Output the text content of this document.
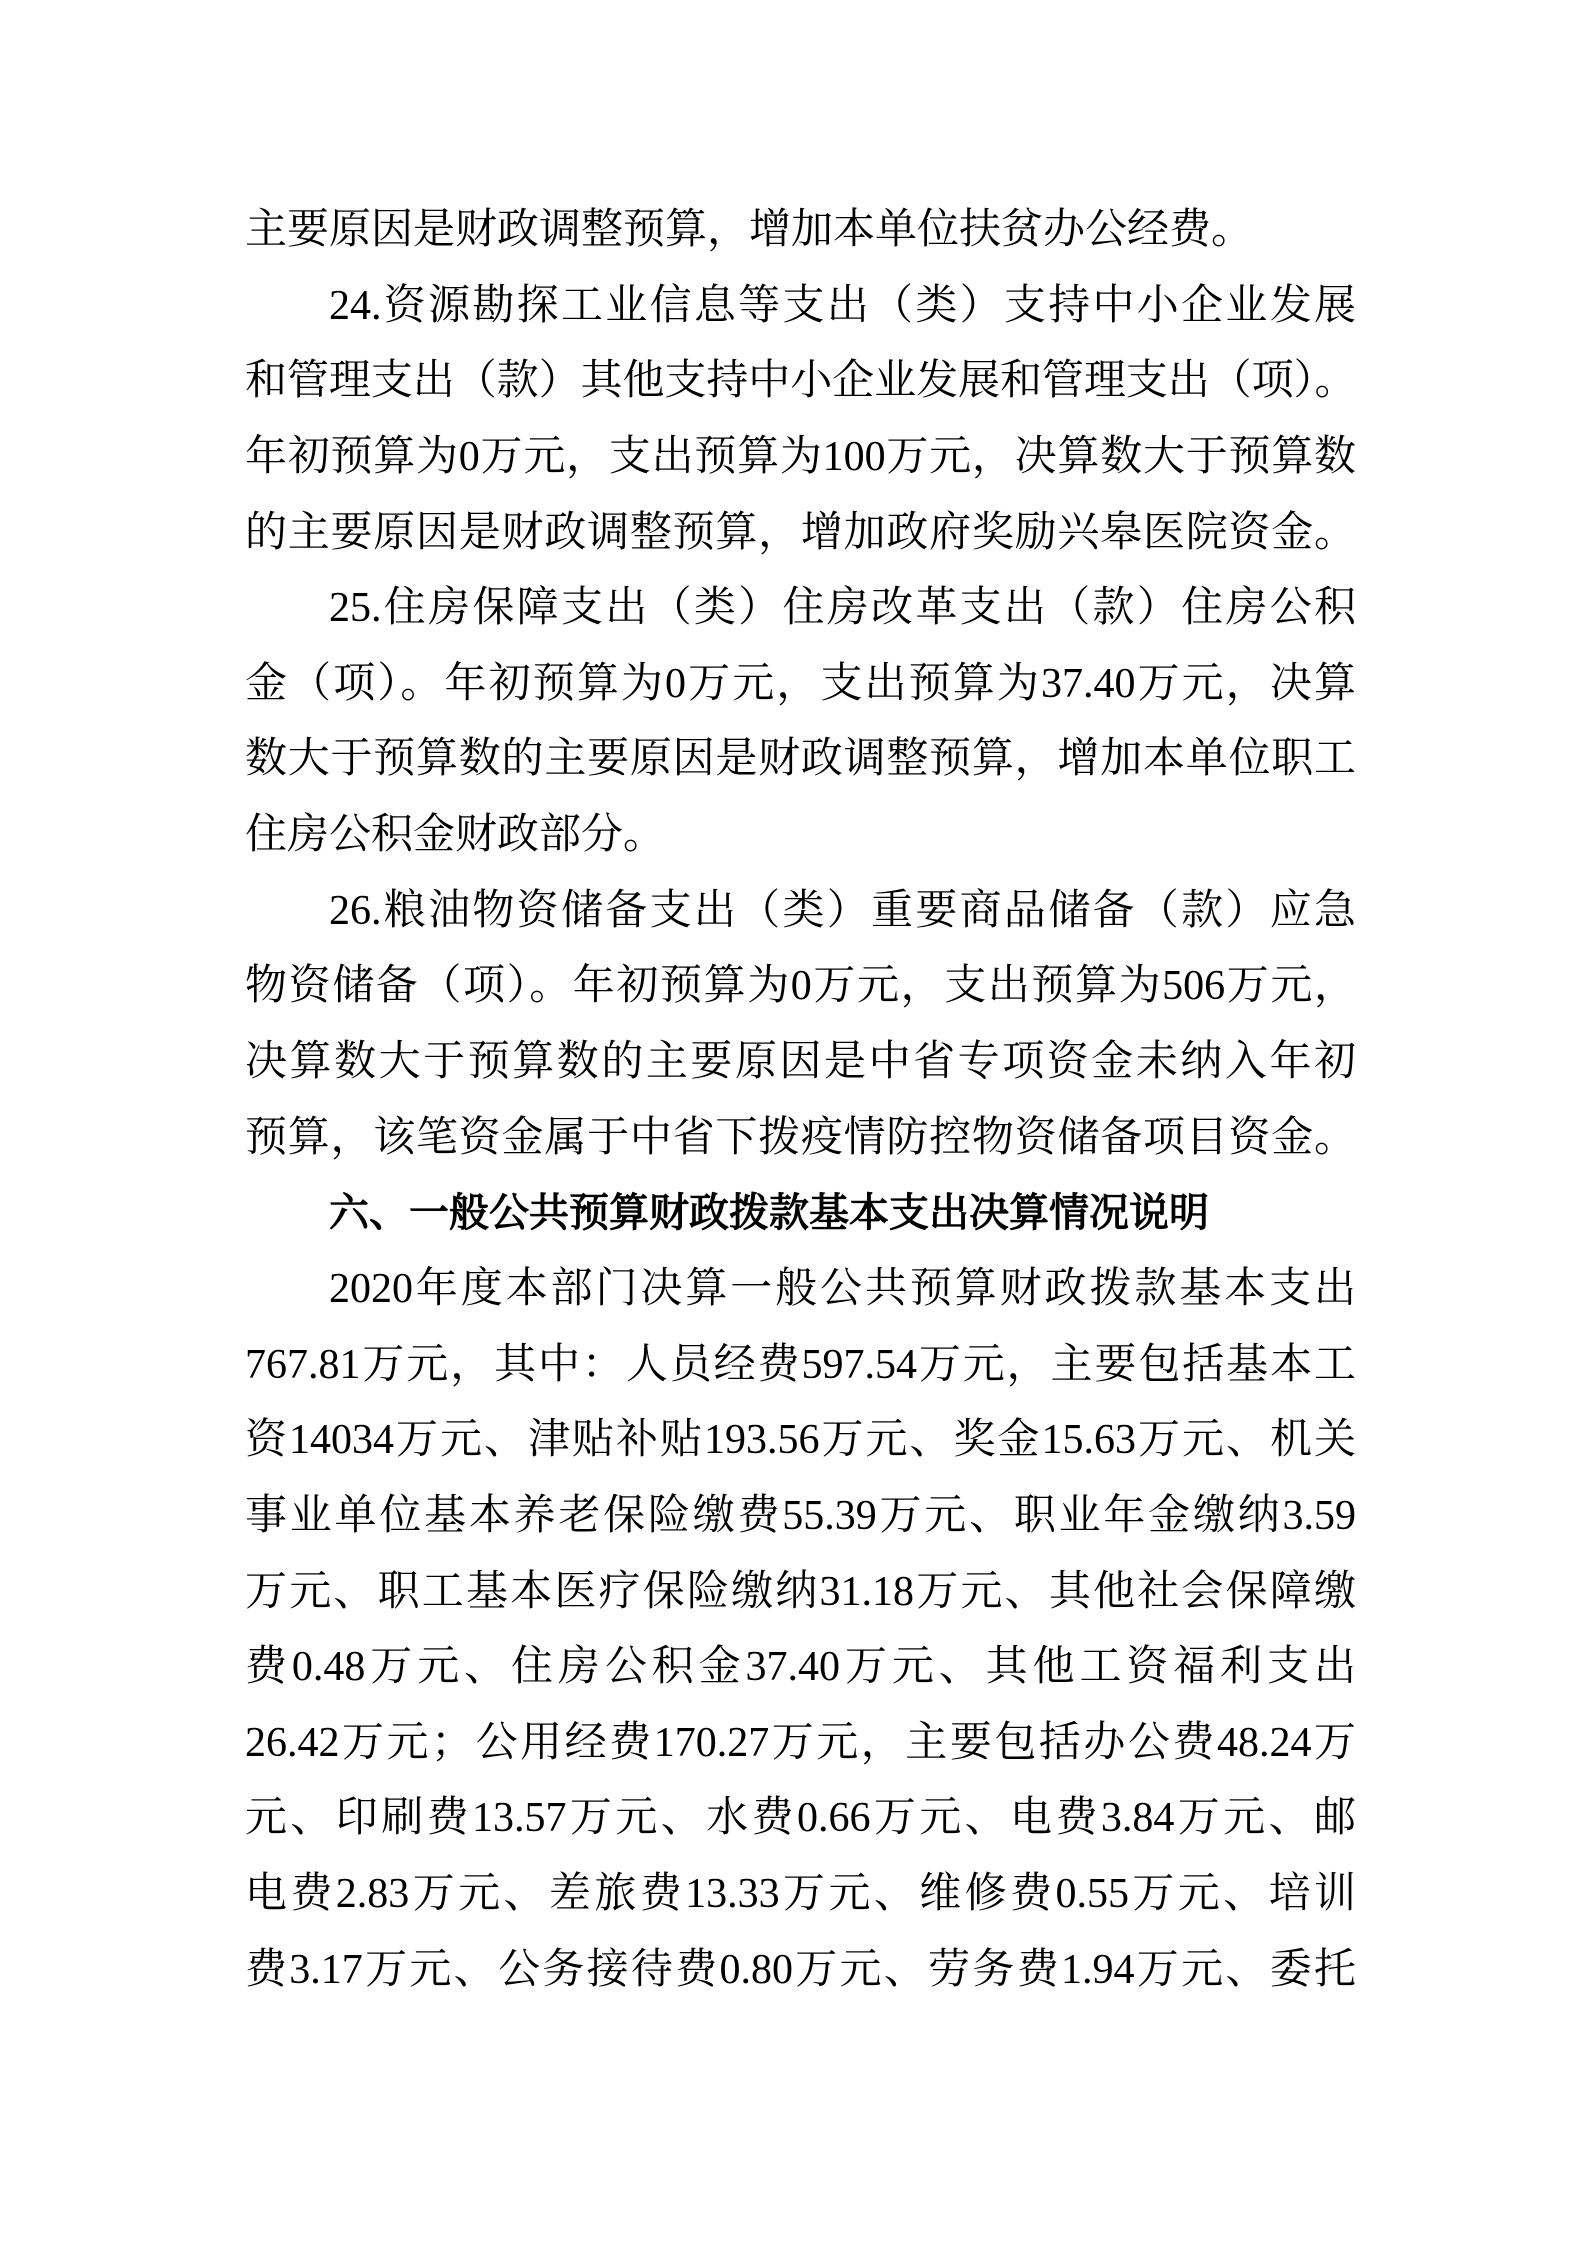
主要原因是财政调整预算，增加本单位扶贫办公经费。
24.资源勘探工业信息等支出（类）支持中小企业发展
和管理支出（款）其他支持中小企业发展和管理支出（项）。
年初预算为0万元，支出预算为100万元，决算数大于预算数
的主要原因是财政调整预算，增加政府奖励兴皋医院资金。
25.住房保障支出（类）住房改革支出（款）住房公积
金（项）。年初预算为0万元，支出预算为37.40万元，决算
数大于预算数的主要原因是财政调整预算，增加本单位职工
住房公积金财政部分。
26.粮油物资储备支出（类）重要商品储备（款）应急
物资储备（项）。年初预算为0万元，支出预算为506万元，
决算数大于预算数的主要原因是中省专项资金未纳入年初
预算，该笔资金属于中省下拨疫情防控物资储备项目资金。
六、一般公共预算财政拨款基本支出决算情况说明
2020年度本部门决算一般公共预算财政拨款基本支出
767.81万元，其中：人员经费597.54万元，主要包括基本工
资14034万元、津贴补贴193.56万元、奖金15.63万元、机关
事业单位基本养老保险缴费55.39万元、职业年金缴纳3.59
万元、职工基本医疗保险缴纳31.18万元、其他社会保障缴
费0.48万元、住房公积金37.40万元、其他工资福利支出
26.42万元；公用经费170.27万元，主要包括办公费48.24万
元、印刷费13.57万元、水费0.66万元、电费3.84万元、邮
电费2.83万元、差旅费13.33万元、维修费0.55万元、培训
费3.17万元、公务接待费0.80万元、劳务费1.94万元、委托
